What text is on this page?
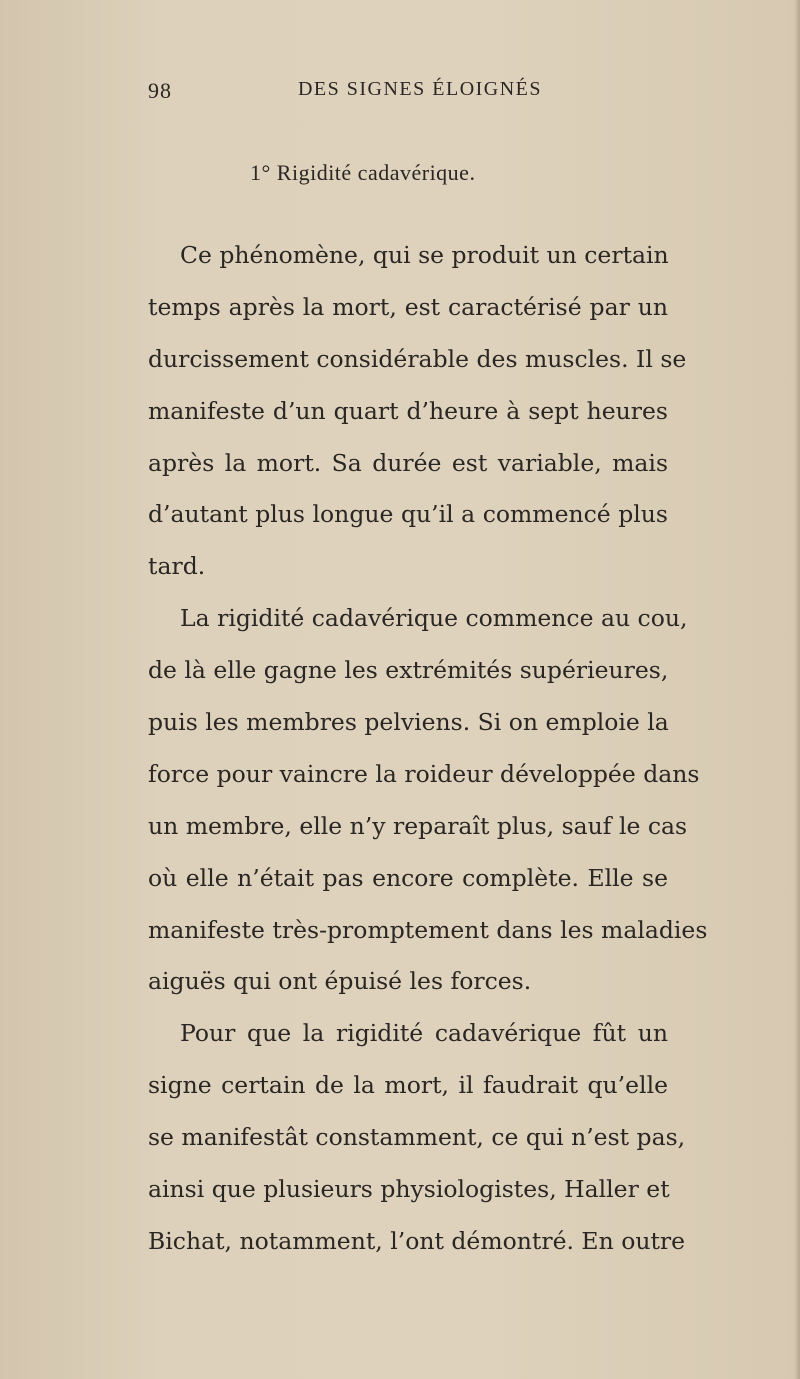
98	DES SIGNES ÉLOIGNÉS
1° Rigidité cadavérique.
Ce phénomène, qui se produit un certain
temps après la mort, est caractérisé par un
durcissement considérable des muscles. Il se
manifeste d’un quart d’heure à sept heures
après la mort. Sa durée est variable, mais
d’autant plus longue qu’il a commencé plus
tard.
La rigidité cadavérique commence au cou,
de là elle gagne les extrémités supérieures,
puis les membres pelviens. Si on emploie la
force pour vaincre la roideur développée dans
un membre, elle n’y reparaît plus, sauf le cas
où elle n’était pas encore complète. Elle se
manifeste très-promptement dans les maladies
aiguës qui ont épuisé les forces.
Pour que la rigidité cadavérique fût un
signe certain de la mort, il faudrait qu’elle
se manifestât constamment, ce qui n’est pas,
ainsi que plusieurs physiologistes, Haller et
Bichat, notamment, l’ont démontré. En outre
